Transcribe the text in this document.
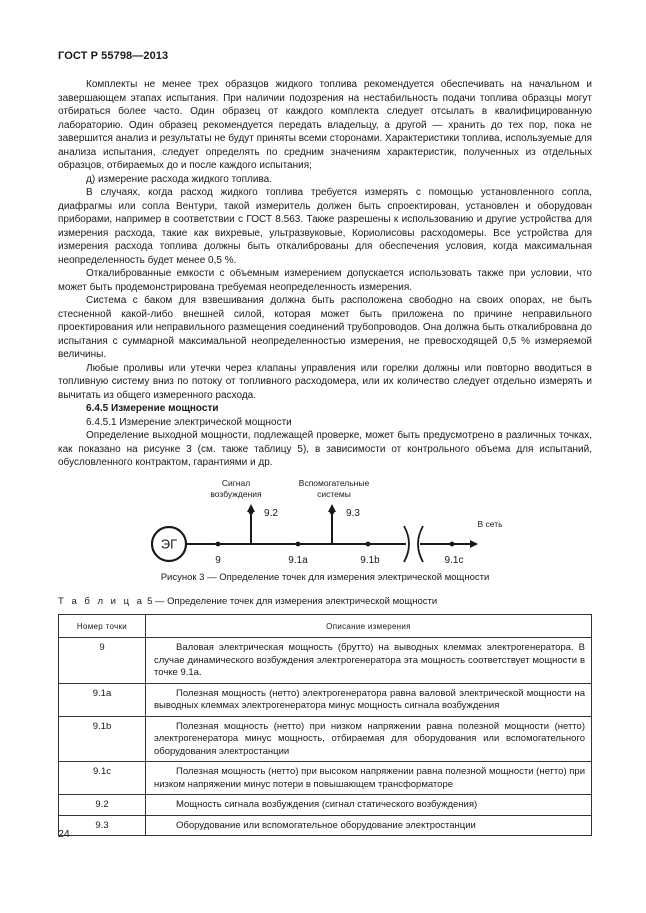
ГОСТ Р 55798—2013

Комплекты не менее трех образцов жидкого топлива рекомендуется обеспечивать на начальном и завершающем этапах испытания. При наличии подозрения на нестабильность подачи топлива образцы могут отбираться более часто. Один образец от каждого комплекта следует отсылать в квалифицированную лабораторию. Один образец рекомендуется передать владельцу, а другой — хранить до тех пор, пока не завершится анализ и результаты не будут приняты всеми сторонами. Характеристики топлива, используемые для анализа испытания, следует определять по средним значениям характеристик, полученных из отдельных образцов, отбираемых до и после каждого испытания;

д) измерение расхода жидкого топлива.

В случаях, когда расход жидкого топлива требуется измерять с помощью установленного сопла, диафрагмы или сопла Вентури, такой измеритель должен быть спроектирован, установлен и оборудован приборами, например в соответствии с ГОСТ 8.563. Также разрешены к использованию и другие устройства для измерения расхода, такие как вихревые, ультразвуковые, Кориолисовы расходомеры. Все устройства для измерения расхода топлива должны быть откалиброваны для обеспечения условия, когда максимальная неопределенность будет менее 0,5 %.

Откалиброванные емкости с объемным измерением допускается использовать также при условии, что может быть продемонстрирована требуемая неопределенность измерения.

Система с баком для взвешивания должна быть расположена свободно на своих опорах, не быть стесненной какой-либо внешней силой, которая может быть приложена по причине неправильного проектирования или неправильного размещения соединений трубопроводов. Она должна быть откалибрована до испытания с суммарной максимальной неопределенностью измерения, не превосходящей 0,5 % измеряемой величины.

Любые проливы или утечки через клапаны управления или горелки должны или повторно вводиться в топливную систему вниз по потоку от топливного расходомера, или их количество следует отдельно измерять и вычитать из общего измеренного расхода.

6.4.5 Измерение мощности

6.4.5.1 Измерение электрической мощности

Определение выходной мощности, подлежащей проверке, может быть предусмотрено в различных точках, как показано на рисунке 3 (см. также таблицу 5), в зависимости от контрольного объема для испытаний, обусловленного контрактом, гарантиями и др.

ЭГ
Сигнал
возбуждения
Вспомогательные
системы
9.2	9.3
В сеть
9	9.1a	9.1b	9.1c
Рисунок 3 — Определение точек для измерения электрической мощности
Т а б л и ц а 5 — Определение точек для измерения электрической мощности
Номер точки	Описание измерения
9	Валовая электрическая мощность (брутто) на выводных клеммах электрогенератора. В случае динамического возбуждения электрогенератора эта мощность соответствует мощности в точке 9.1а.
9.1a	Полезная мощность (нетто) электрогенератора равна валовой электрической мощности на выводных клеммах электрогенератора минус мощность сигнала возбуждения
9.1b	Полезная мощность (нетто) при низком напряжении равна полезной мощности (нетто) электрогенератора минус мощность, отбираемая для оборудования или вспомогательного оборудования электростанции
9.1c	Полезная мощность (нетто) при высоком напряжении равна полезной мощности (нетто) при низком напряжении минус потери в повышающем трансформаторе
9.2	Мощность сигнала возбуждения (сигнал статического возбуждения)
9.3	Оборудование или вспомогательное оборудование электростанции
24
